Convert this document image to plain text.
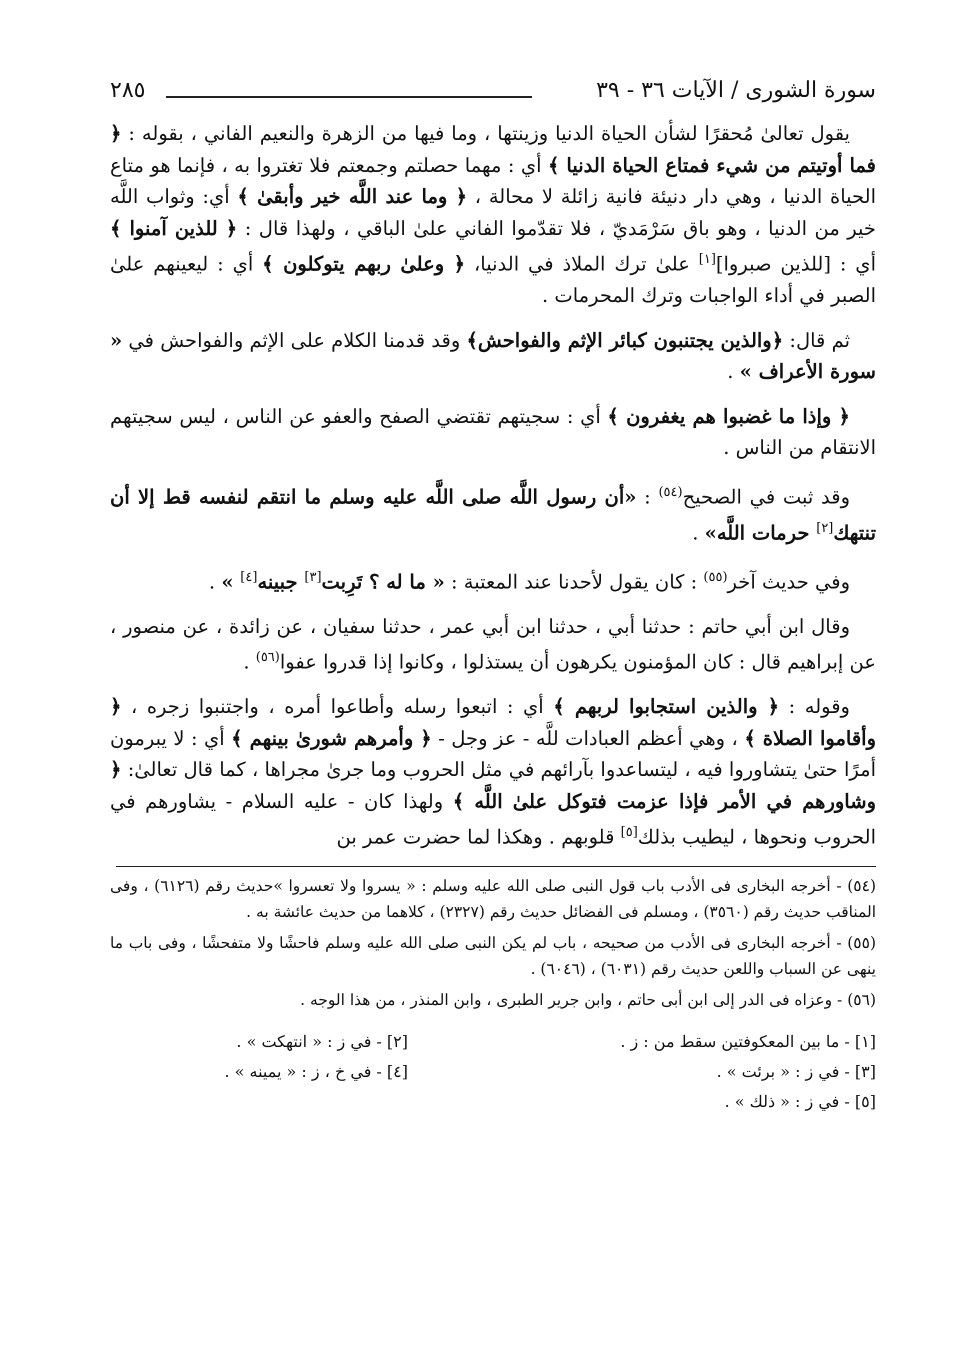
سورة الشورى / الآيات ٣٦ - ٣٩
٢٨٥

يقول تعالىٰ مُحقرًا لشأن الحياة الدنيا وزينتها ، وما فيها من الزهرة والنعيم الفاني ، بقوله : ﴿ فما أوتيتم من شيء فمتاع الحياة الدنيا ﴾ أي : مهما حصلتم وجمعتم فلا تغتروا به ، فإنما هو متاع الحياة الدنيا ، وهي دار دنيئة فانية زائلة لا محالة ، ﴿ وما عند اللَّه خير وأبقىٰ ﴾ أي: وثواب اللَّه خير من الدنيا ، وهو باق سَرْمَديّ ، فلا تقدّموا الفاني علىٰ الباقي ، ولهذا قال : ﴿ للذين آمنوا ﴾ أي : [للذين صبروا][١] علىٰ ترك الملاذ في الدنيا، ﴿ وعلىٰ ربهم يتوكلون ﴾ أي : ليعينهم علىٰ الصبر في أداء الواجبات وترك المحرمات .

ثم قال: ﴿والذين يجتنبون كبائر الإثم والفواحش﴾ وقد قدمنا الكلام على الإثم والفواحش في « سورة الأعراف » .

﴿ وإذا ما غضبوا هم يغفرون ﴾ أي : سجيتهم تقتضي الصفح والعفو عن الناس ، ليس سجيتهم الانتقام من الناس .

وقد ثبت في الصحيح$^{(٥٤)}$ : «أن رسول اللَّه صلى اللَّه عليه وسلم ما انتقم لنفسه قط إلا أن تنتهك[٢] حرمات اللَّه» .

وفي حديث آخر$^{(٥٥)}$ : كان يقول لأحدنا عند المعتبة : « ما له ؟ تَرِبت[٣] جبينه[٤] » .

وقال ابن أبي حاتم : حدثنا أبي ، حدثنا ابن أبي عمر ، حدثنا سفيان ، عن زائدة ، عن منصور ، عن إبراهيم قال : كان المؤمنون يكرهون أن يستذلوا ، وكانوا إذا قدروا عفوا$^{(٥٦)}$ .

وقوله : ﴿ والذين استجابوا لربهم ﴾ أي : اتبعوا رسله وأطاعوا أمره ، واجتنبوا زجره ، ﴿ وأقاموا الصلاة ﴾ ، وهي أعظم العبادات للَّه - عز وجل - ﴿ وأمرهم شورىٰ بينهم ﴾ أي : لا يبرمون أمرًا حتىٰ يتشاوروا فيه ، ليتساعدوا بآرائهم في مثل الحروب وما جرىٰ مجراها ، كما قال تعالىٰ: ﴿ وشاورهم في الأمر فإذا عزمت فتوكل علىٰ اللَّه ﴾ ولهذا كان - عليه السلام - يشاورهم في الحروب ونحوها ، ليطيب بذلك[٥] قلوبهم . وهكذا لما حضرت عمر بن

(٥٤) - أخرجه البخارى فى الأدب باب قول النبى صلى الله عليه وسلم : « يسروا ولا تعسروا »حديث رقم (٦١٢٦) ، وفى المناقب حديث رقم (٣٥٦٠) ، ومسلم فى الفضائل حديث رقم (٢٣٢٧) ، كلاهما من حديث عائشة به .

(٥٥) - أخرجه البخارى فى الأدب من صحيحه ، باب لم يكن النبى صلى الله عليه وسلم فاحشًا ولا متفحشًا ، وفى باب ما ينهى عن السباب واللعن حديث رقم (٦٠٣١) ، (٦٠٤٦) .

(٥٦) - وعزاه فى الدر إلى ابن أبى حاتم ، وابن جرير الطبرى ، وابن المنذر ، من هذا الوجه .

[١] - ما بين المعكوفتين سقط من : ز .
[٢] - في ز : « انتهكت » .
[٣] - في ز : « برئت » .
[٤] - في خ ، ز : « يمينه » .
[٥] - في ز : « ذلك » .
